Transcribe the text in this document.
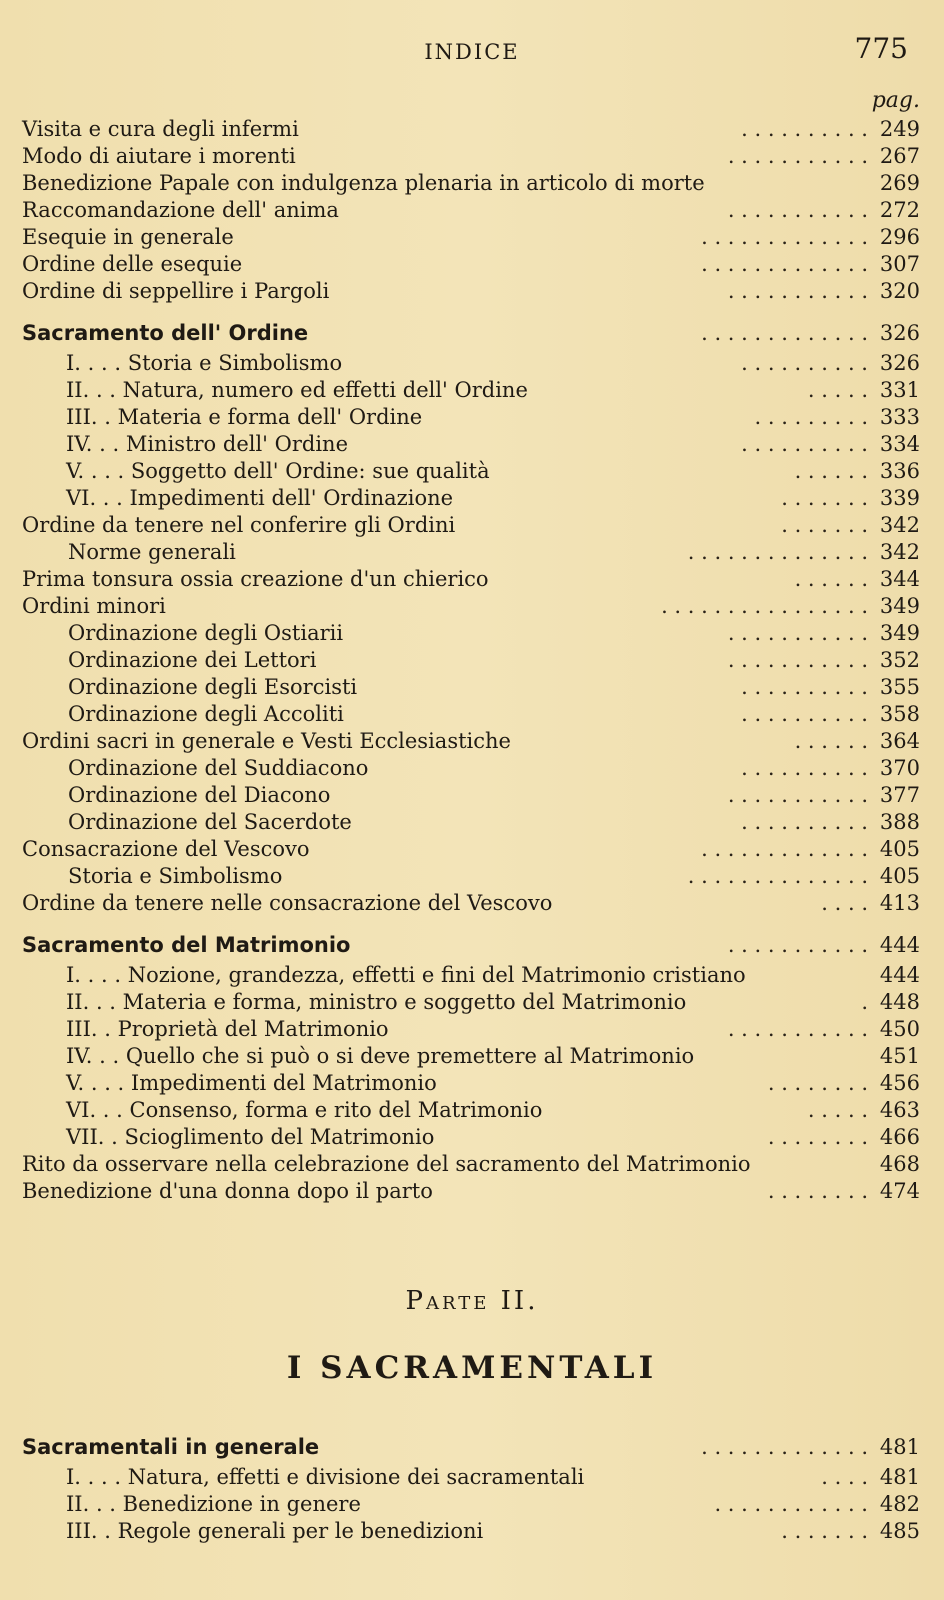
INDICE	775
pag.
Visita e cura degli infermi	. . . . . . . . . . 249
Modo di aiutare i morenti	. . . . . . . . . . . 267
Benedizione Papale con indulgenza plenaria in articolo di morte	269
Raccomandazione dell' anima	. . . . . . . . . . . 272
Esequie in generale	. . . . . . . . . . . . . 296
Ordine delle esequie	. . . . . . . . . . . . . 307
Ordine di seppellire i Pargoli	. . . . . . . . . . . 320
Sacramento dell' Ordine	. . . . . . . . . . . . . 326
I. . . . Storia e Simbolismo	. . . . . . . . . . 326
II. . . Natura, numero ed effetti dell' Ordine	. . . . . 331
III. . Materia e forma dell' Ordine	. . . . . . . . . 333
IV. . . Ministro dell' Ordine	. . . . . . . . . . 334
V. . . . Soggetto dell' Ordine: sue qualità	. . . . . . 336
VI. . . Impedimenti dell' Ordinazione	. . . . . . . 339
Ordine da tenere nel conferire gli Ordini	. . . . . . . 342
Norme generali	. . . . . . . . . . . . . . 342
Prima tonsura ossia creazione d'un chierico	. . . . . . 344
Ordini minori	. . . . . . . . . . . . . . . . 349
Ordinazione degli Ostiarii	. . . . . . . . . . . 349
Ordinazione dei Lettori	. . . . . . . . . . . 352
Ordinazione degli Esorcisti	. . . . . . . . . . 355
Ordinazione degli Accoliti	. . . . . . . . . . 358
Ordini sacri in generale e Vesti Ecclesiastiche	. . . . . . 364
Ordinazione del Suddiacono	. . . . . . . . . . 370
Ordinazione del Diacono	. . . . . . . . . . . 377
Ordinazione del Sacerdote	. . . . . . . . . . 388
Consacrazione del Vescovo	. . . . . . . . . . . . . 405
Storia e Simbolismo	. . . . . . . . . . . . . . 405
Ordine da tenere nelle consacrazione del Vescovo	. . . . 413
Sacramento del Matrimonio	. . . . . . . . . . . 444
I. . . . Nozione, grandezza, effetti e fini del Matrimonio cristiano	444
II. . . Materia e forma, ministro e soggetto del Matrimonio	. 448
III. . Proprietà del Matrimonio	. . . . . . . . . . . 450
IV. . . Quello che si può o si deve premettere al Matrimonio	451
V. . . . Impedimenti del Matrimonio	. . . . . . . . 456
VI. . . Consenso, forma e rito del Matrimonio	. . . . . 463
VII. . Scioglimento del Matrimonio	. . . . . . . . 466
Rito da osservare nella celebrazione del sacramento del Matrimonio	468
Benedizione d'una donna dopo il parto	. . . . . . . . 474
Parte II.
I SACRAMENTALI
Sacramentali in generale	. . . . . . . . . . . . . 481
I. . . . Natura, effetti e divisione dei sacramentali	. . . . 481
II. . . Benedizione in genere	. . . . . . . . . . . . 482
III. . Regole generali per le benedizioni	. . . . . . . 485
